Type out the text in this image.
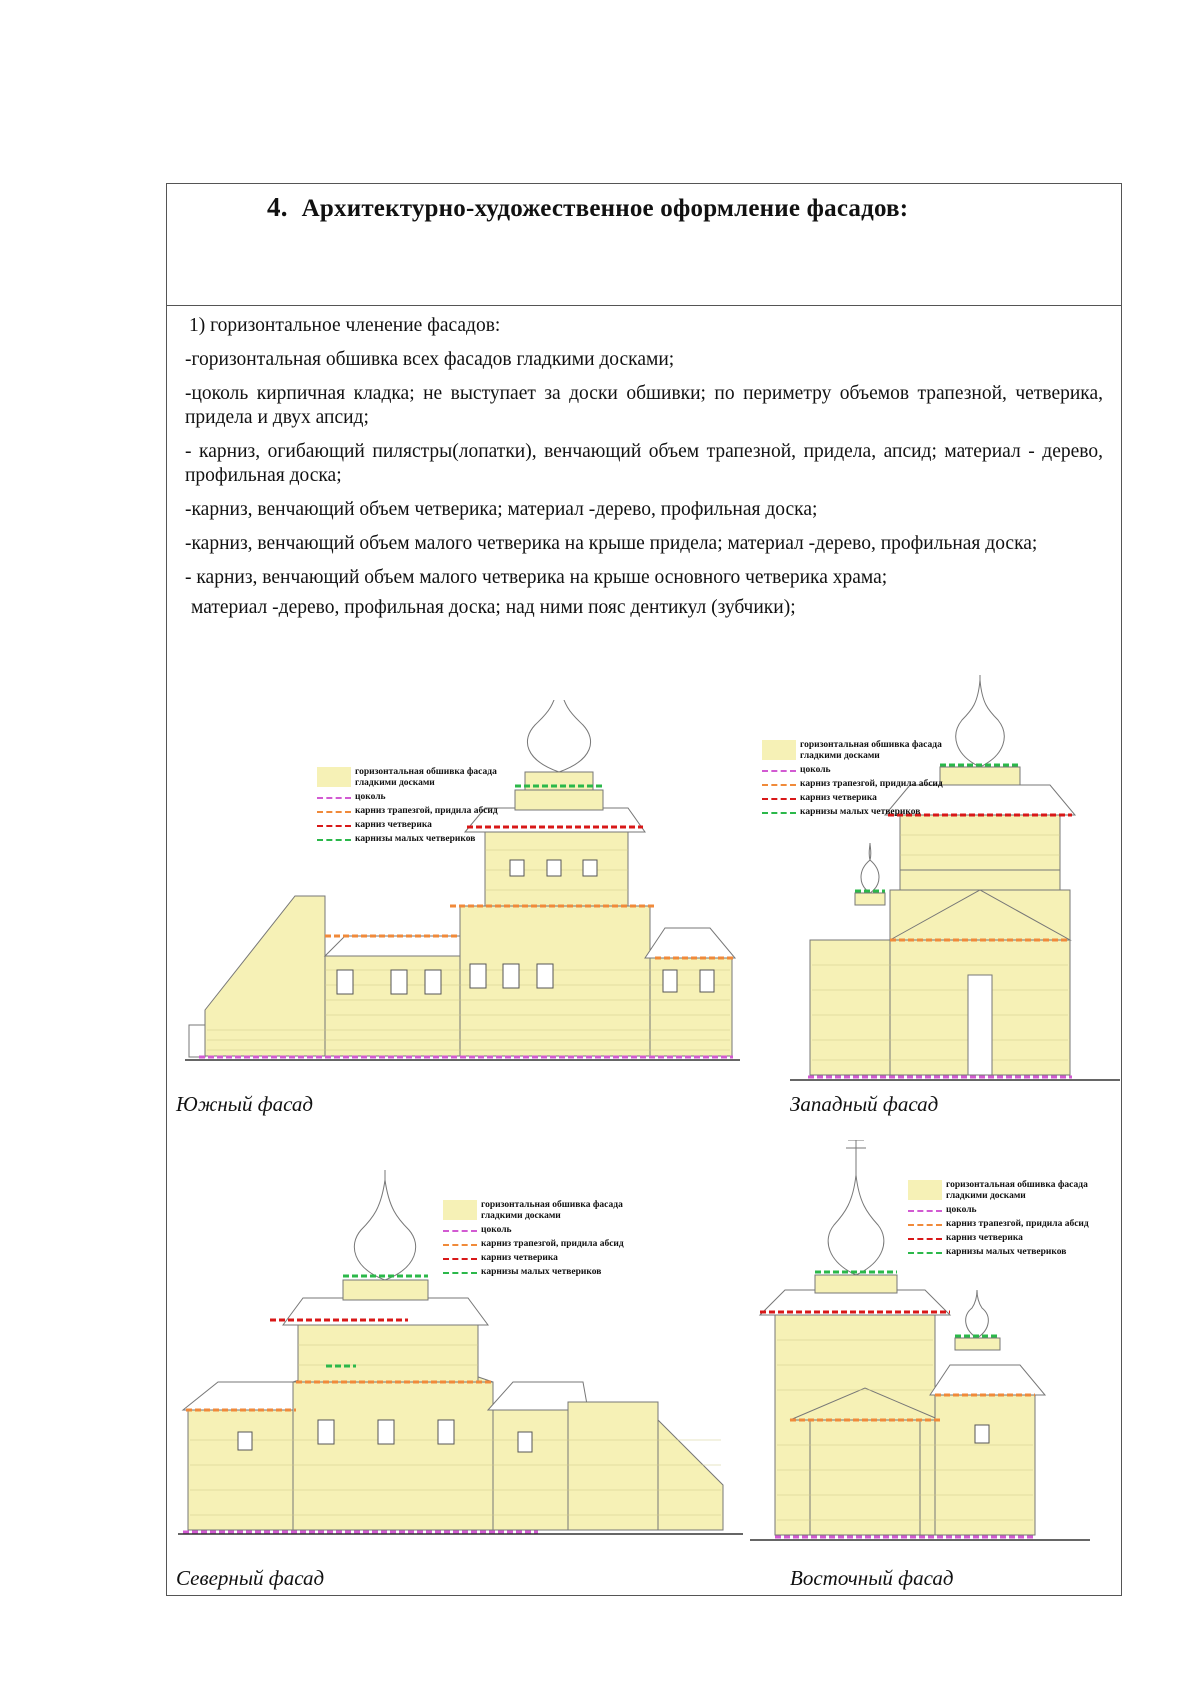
4. Архитектурно-художественное оформление фасадов:

1) горизонтальное членение фасадов:

-горизонтальная обшивка всех фасадов гладкими досками;

-цоколь кирпичная кладка; не выступает за доски обшивки; по периметру объемов трапезной, четверика, придела и двух апсид;

- карниз, огибающий пилястры(лопатки), венчающий объем трапезной, придела, апсид; материал - дерево, профильная доска;

-карниз, венчающий объем четверика; материал -дерево, профильная доска;

-карниз, венчающий объем малого четверика на крыше придела; материал -дерево, профильная доска;

- карниз, венчающий объем малого четверика на крыше основного четверика храма;

материал -дерево, профильная доска; над ними пояс дентикул (зубчики);

горизонтальная обшивка фасада гладкими досками
цоколь
карниз трапезгой, придила абсид
карниз четверика
карнизы малых четвериков
Южный фасад
горизонтальная обшивка фасада гладкими досками
цоколь
карниз трапезгой, придила абсид
карниз четверика
карнизы малых четвериков
Западный фасад
горизонтальная обшивка фасада гладкими досками
цоколь
карниз трапезгой, придила абсид
карниз четверика
карнизы малых четвериков
Северный фасад
горизонтальная обшивка фасада гладкими досками
цоколь
карниз трапезгой, придила абсид
карниз четверика
карнизы малых четвериков
Восточный фасад
